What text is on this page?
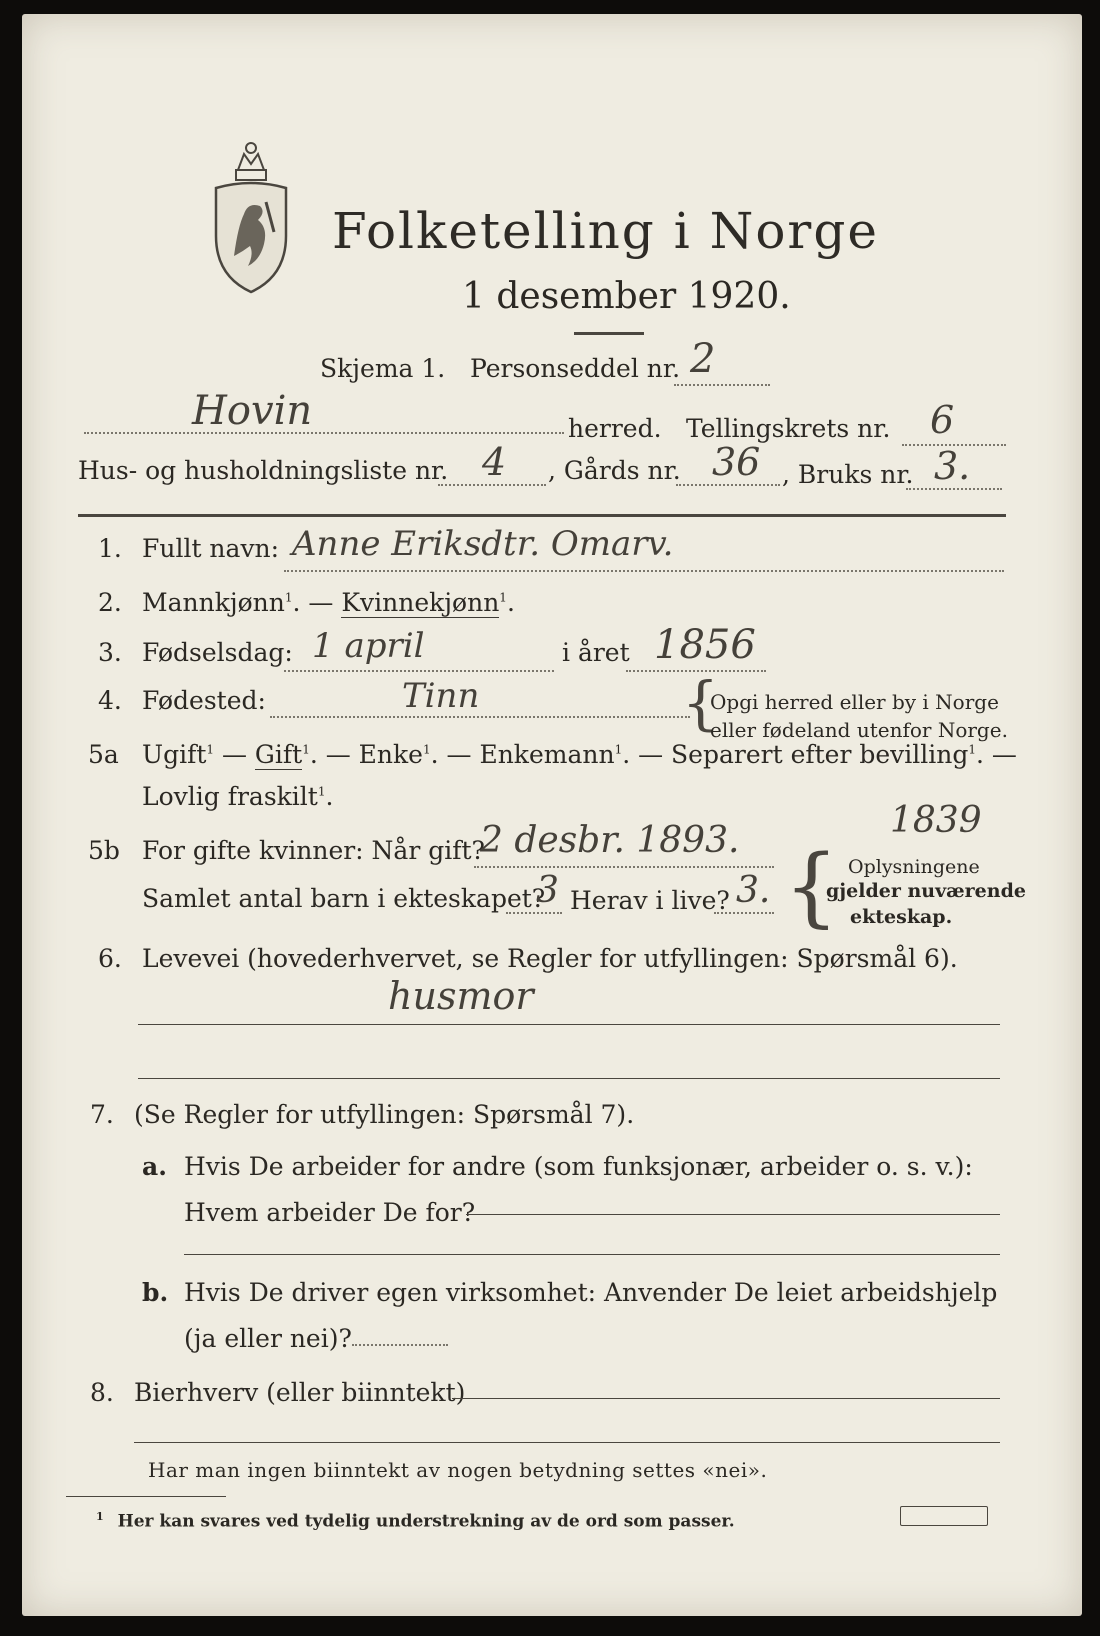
Folketelling i Norge
1 desember 1920.
Skjema 1. Personseddel nr. 2
Hovin	herred. Tellingskrets nr. 6
Hus- og husholdningsliste nr. 4 , Gårds nr. 36 , Bruks nr. 3.
1. Fullt navn: Anne Eriksdtr. Omarv.
2. Mannkjønn$^1$. — Kvinnekjønn$^1$.
3. Fødselsdag: 1 april	i året 1856
4. Fødested:	Tinn	{
Opgi herred eller by i Norge
eller fødeland utenfor Norge.
5a Ugift$^1$ — Gift$^1$. — Enke$^1$. — Enkemann$^1$. — Separert efter bevilling$^1$. —
Lovlig fraskilt$^1$.
5b For gifte kvinner: Når gift?
2 desbr. 1893.	1839
Samlet antal barn i ekteskapet?
3 Herav i live? 3. { Oplysningene
gjelder nuværende
ekteskap.
6. Levevei (hovederhvervet, se Regler for utfyllingen: Spørsmål 6).
husmor
7. (Se Regler for utfyllingen: Spørsmål 7).
a. Hvis De arbeider for andre (som funksjonær, arbeider o. s. v.):
Hvem arbeider De for?
b. Hvis De driver egen virksomhet: Anvender De leiet arbeidshjelp
(ja eller nei)?
8. Bierhverv (eller biinntekt)
Har man ingen biinntekt av nogen betydning settes «nei».
$^1$ Her kan svares ved tydelig understrekning av de ord som passer.
